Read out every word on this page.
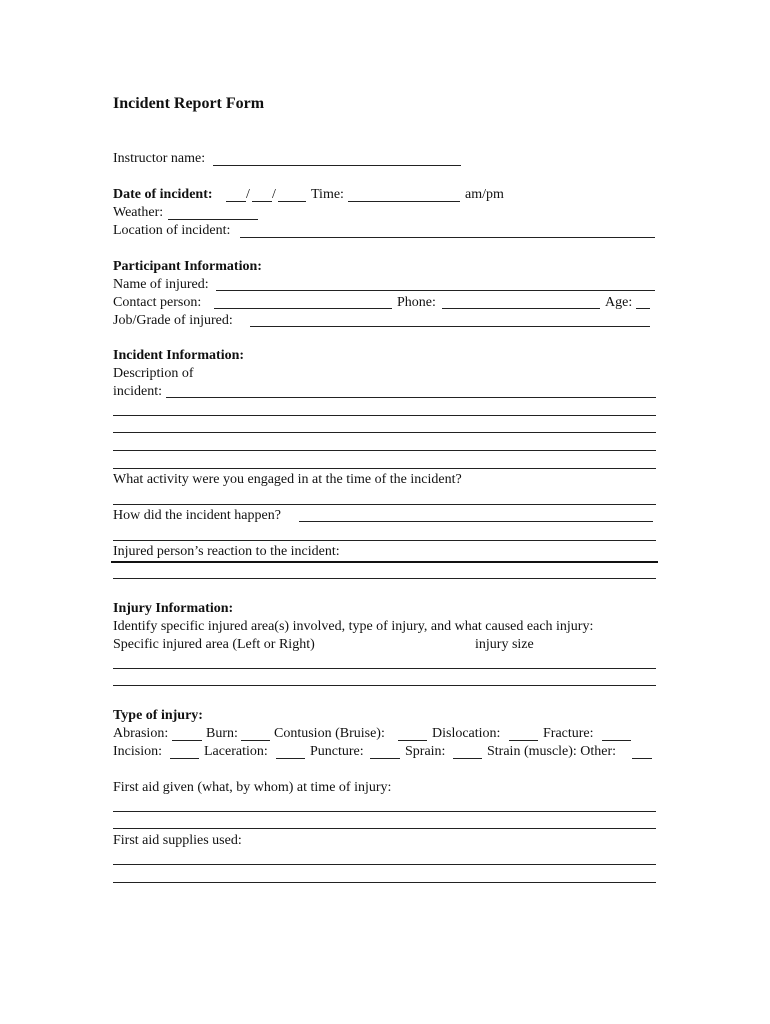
Incident Report Form
Instructor name:
Date of incident: / /	Time:	am/pm
Weather:
Location of incident:
Participant Information:
Name of injured:
Contact person:	Phone:	Age:
Job/Grade of injured:
Incident Information:
Description of
incident:
What activity were you engaged in at the time of the incident?
How did the incident happen?
Injured person’s reaction to the incident:
Injury Information:
Identify specific injured area(s) involved, type of injury, and what caused each injury:
Specific injured area (Left or Right)	injury size
Type of injury:
Abrasion:	Burn:	Contusion (Bruise):	Dislocation:	Fracture:
Incision:	Laceration:	Puncture:	Sprain:	Strain (muscle): Other:
First aid given (what, by whom) at time of injury:
First aid supplies used:
